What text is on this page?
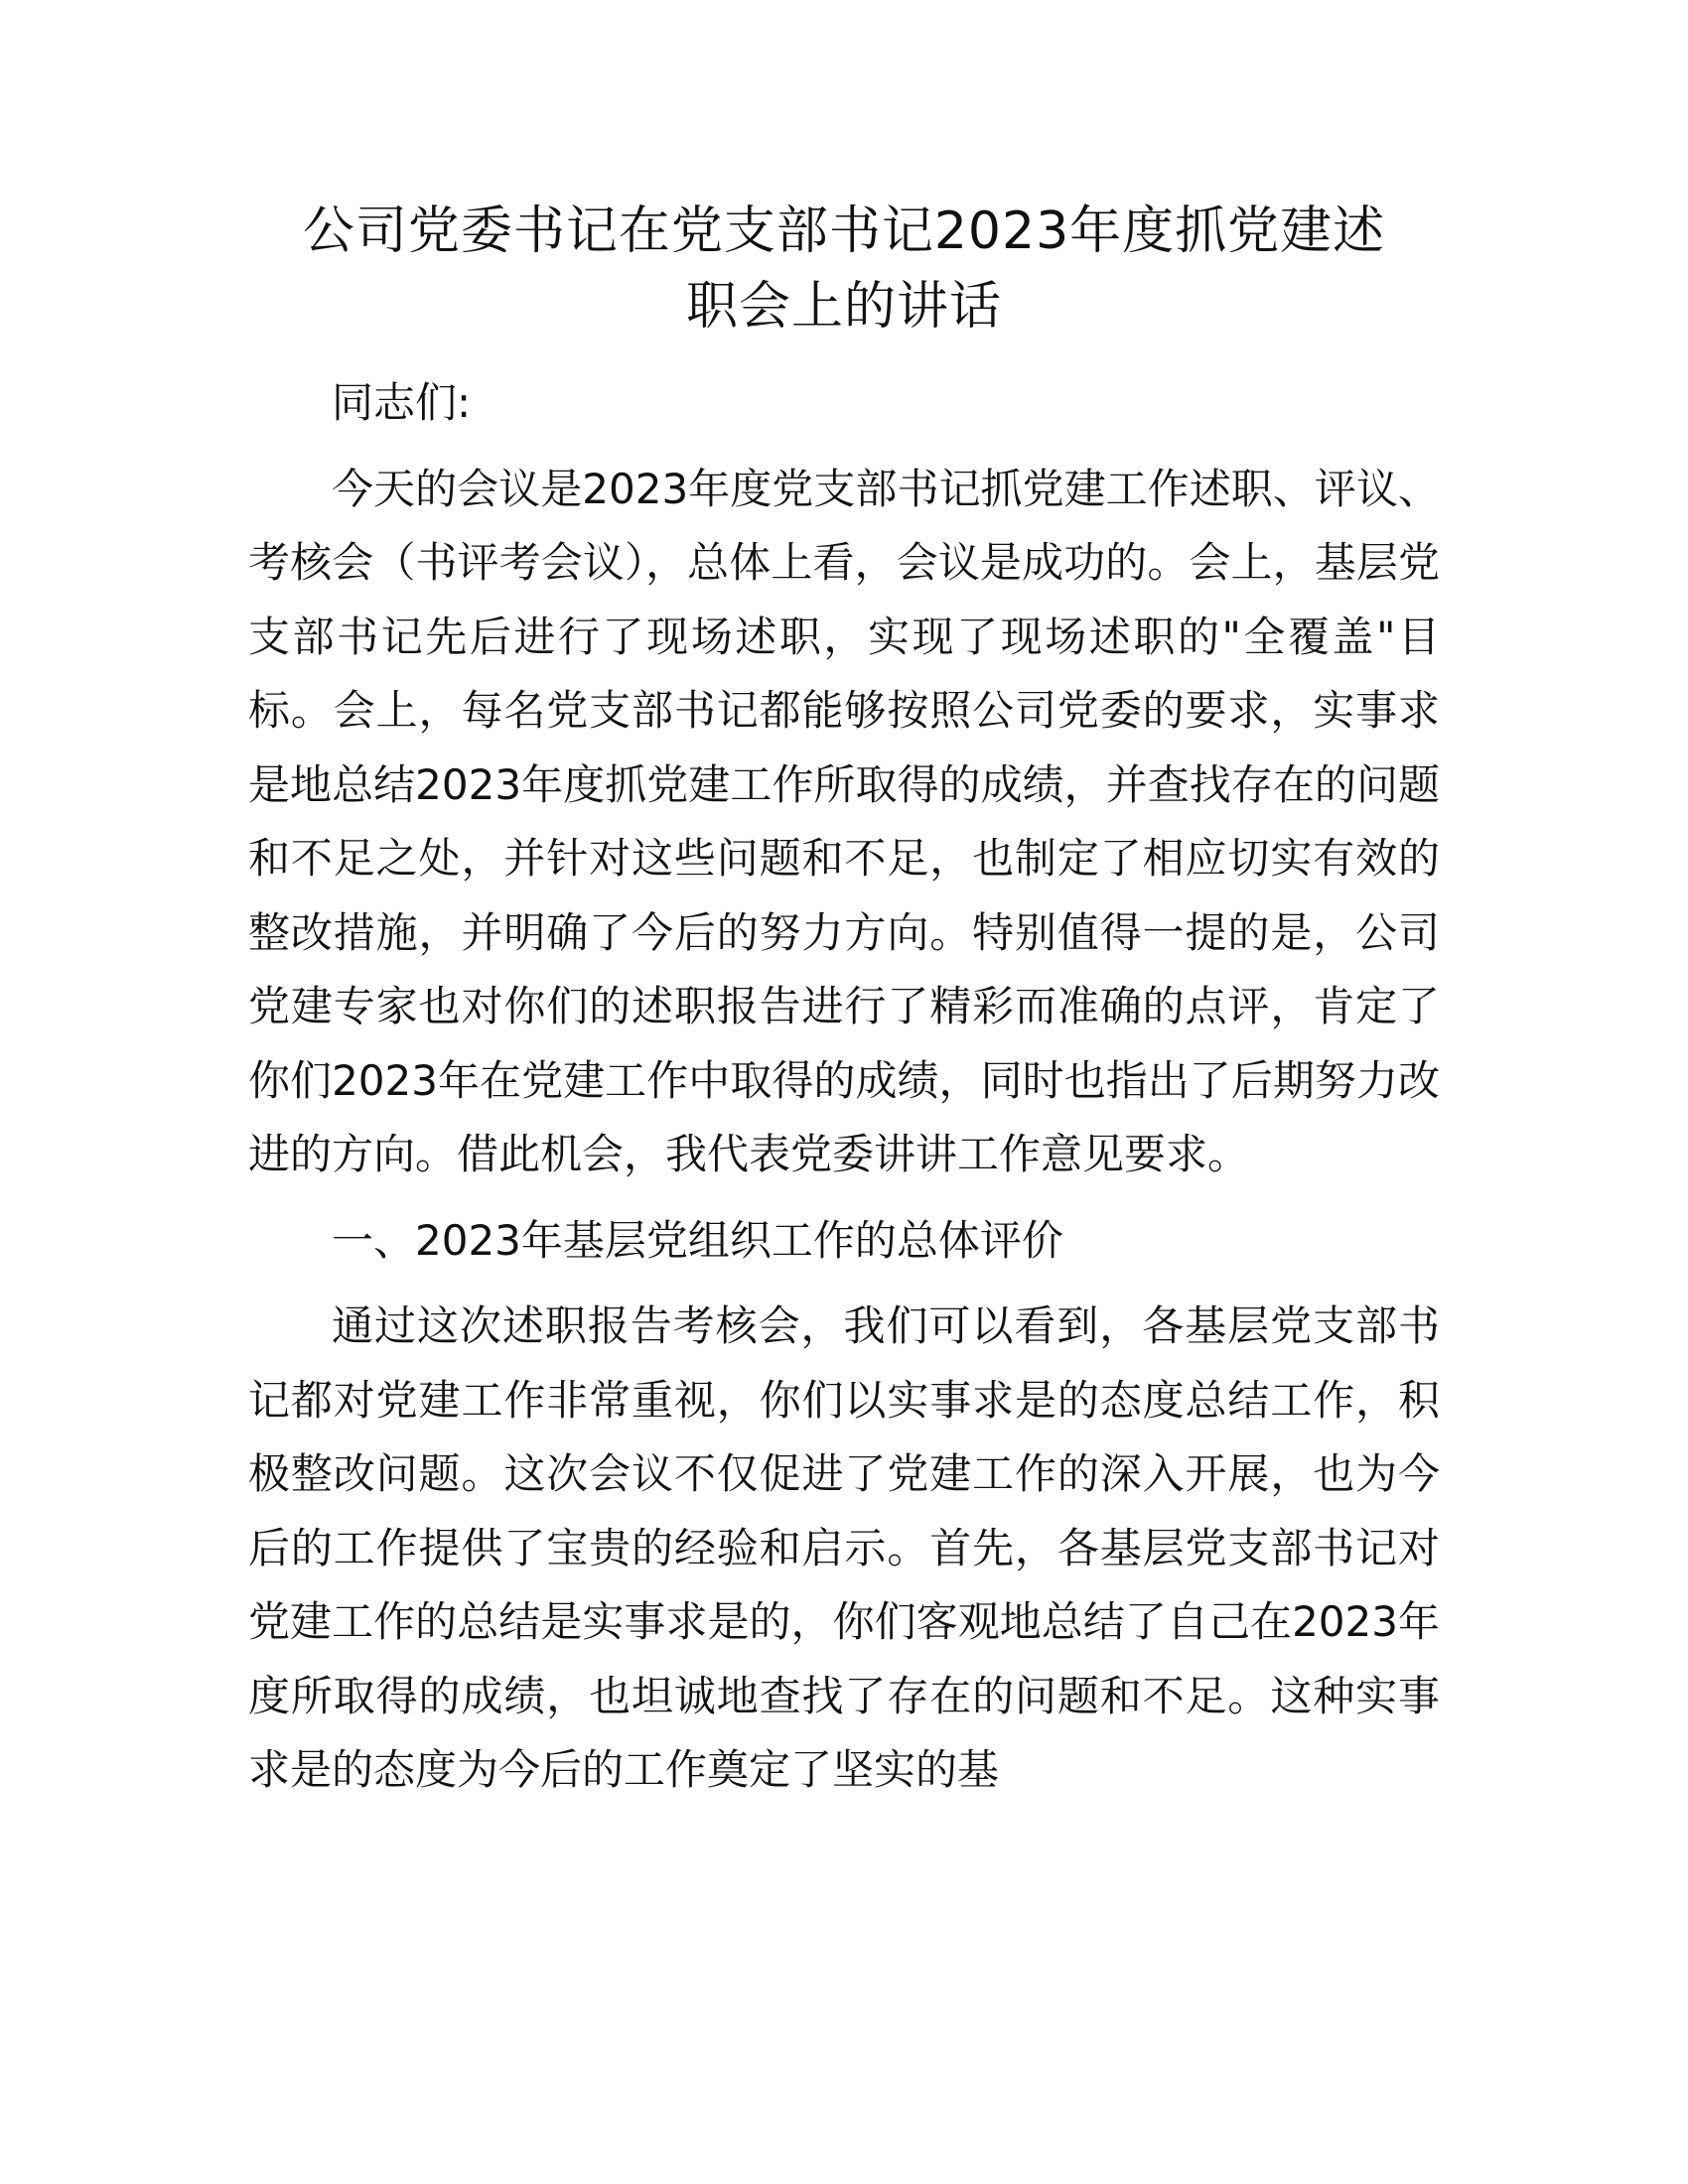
公司党委书记在党支部书记2023年度抓党建述
职会上的讲话

同志们:

今天的会议是2023年度党支部书记抓党建工作述职、评议、考核会（书评考会议），总体上看，会议是成功的。会上，基层党支部书记先后进行了现场述职，实现了现场述职的"全覆盖"目标。会上，每名党支部书记都能够按照公司党委的要求，实事求是地总结2023年度抓党建工作所取得的成绩，并查找存在的问题和不足之处，并针对这些问题和不足，也制定了相应切实有效的整改措施，并明确了今后的努力方向。特别值得一提的是，公司党建专家也对你们的述职报告进行了精彩而准确的点评，肯定了你们2023年在党建工作中取得的成绩，同时也指出了后期努力改进的方向。借此机会，我代表党委讲讲工作意见要求。

一、2023年基层党组织工作的总体评价

通过这次述职报告考核会，我们可以看到，各基层党支部书记都对党建工作非常重视，你们以实事求是的态度总结工作，积极整改问题。这次会议不仅促进了党建工作的深入开展，也为今后的工作提供了宝贵的经验和启示。首先，各基层党支部书记对党建工作的总结是实事求是的，你们客观地总结了自己在2023年度所取得的成绩，也坦诚地查找了存在的问题和不足。这种实事求是的态度为今后的工作奠定了坚实的基
